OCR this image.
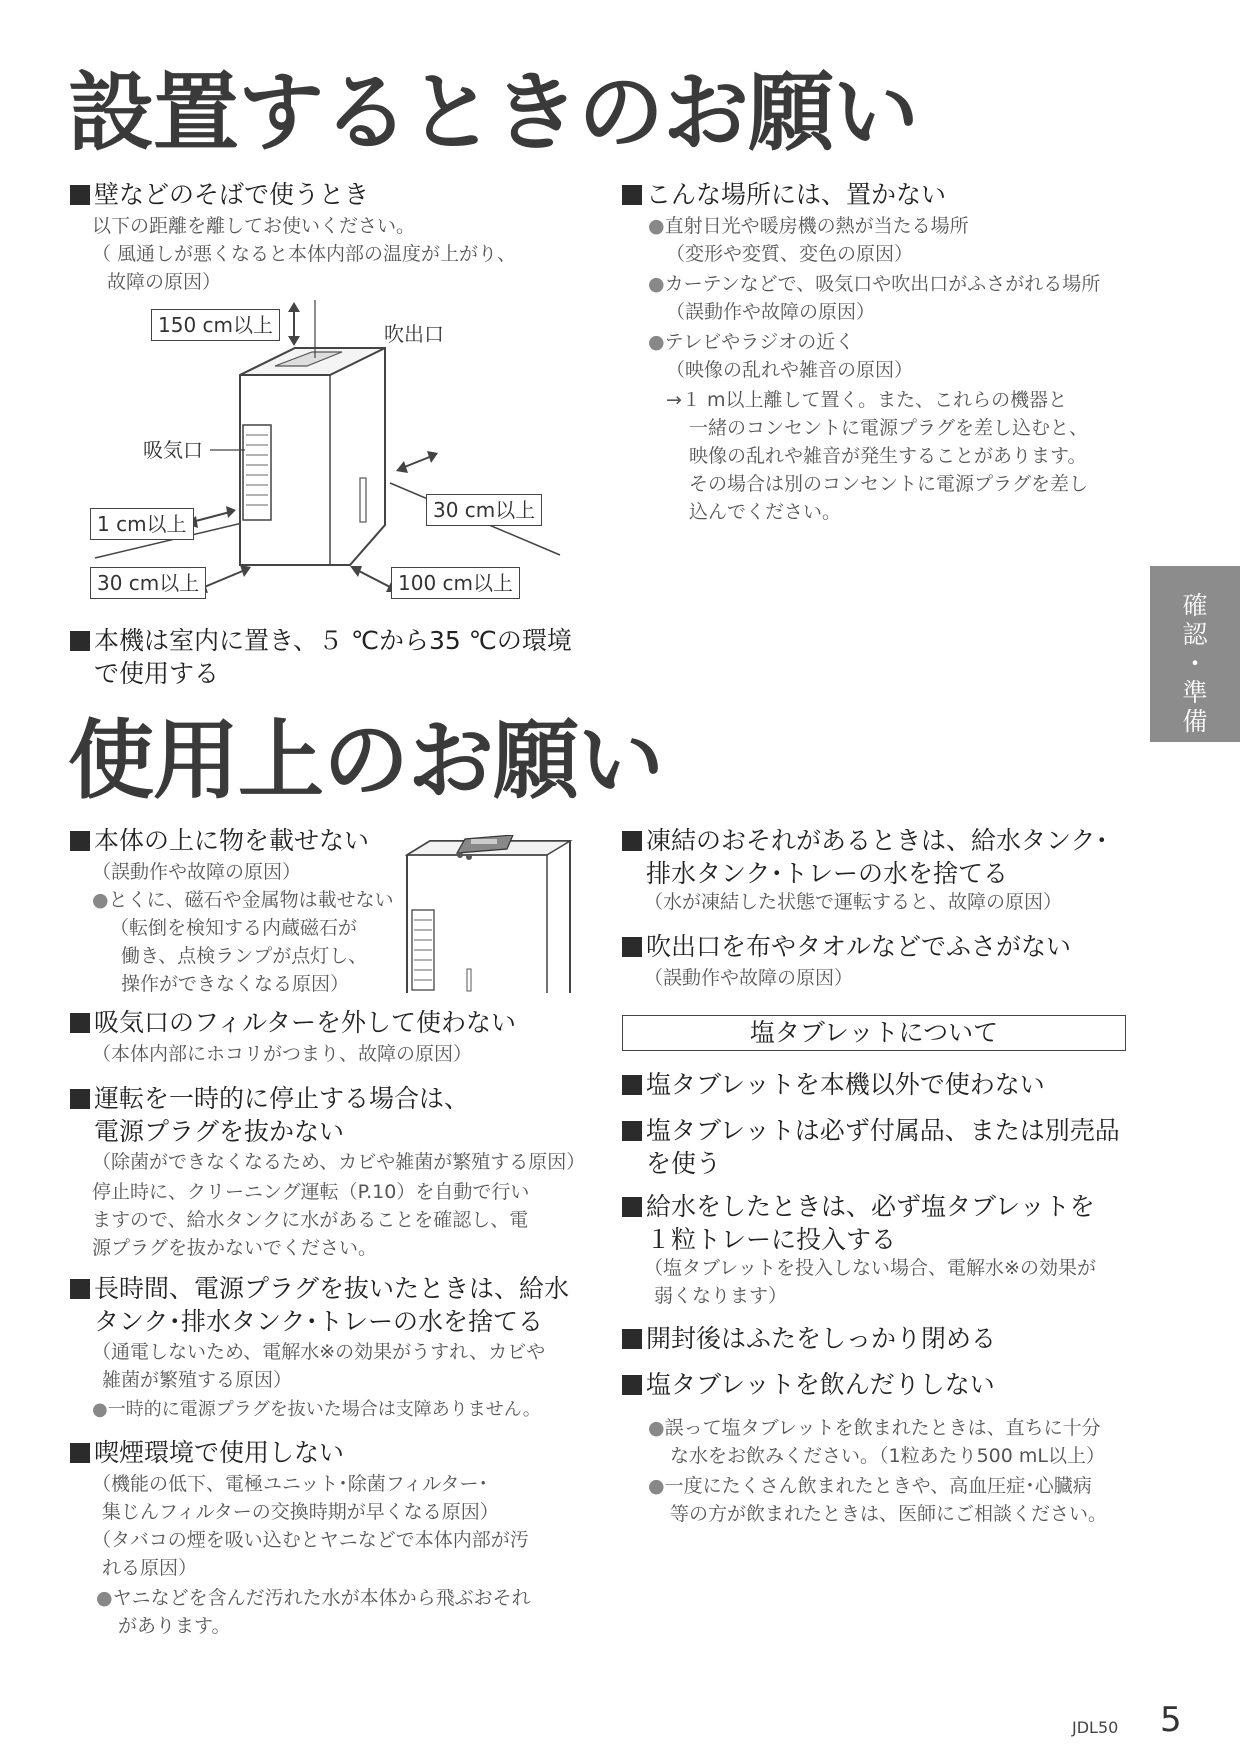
設置するときのお願い
壁などのそばで使うとき
以下の距離を離してお使いください。
（ 風通しが悪くなると本体内部の温度が上がり、
故障の原因）
150 cm以上	吹出口
吸気口
1 cm以上
30 cm以上
30 cm以上	100 cm以上
本機は室内に置き、５ ℃から35 ℃の環境
で使用する
こんな場所には、置かない
●直射日光や暖房機の熱が当たる場所
（変形や変質、変色の原因）
●カーテンなどで、吸気口や吹出口がふさがれる場所
（誤動作や故障の原因）
●テレビやラジオの近く
（映像の乱れや雑音の原因）
→１ m以上離して置く。また、これらの機器と
一緒のコンセントに電源プラグを差し込むと、
映像の乱れや雑音が発生することがあります。
その場合は別のコンセントに電源プラグを差し
込んでください。
確
認
・
準
備
使用上のお願い
本体の上に物を載せない
（誤動作や故障の原因）
●とくに、磁石や金属物は載せない
（転倒を検知する内蔵磁石が
働き、点検ランプが点灯し、
操作ができなくなる原因）
吸気口のフィルターを外して使わない
（本体内部にホコリがつまり、故障の原因）
運転を一時的に停止する場合は、
電源プラグを抜かない
（除菌ができなくなるため、カビや雑菌が繁殖する原因）
停止時に、クリーニング運転（P.10）を自動で行い
ますので、給水タンクに水があることを確認し、電
源プラグを抜かないでください。
長時間、電源プラグを抜いたときは、給水
タンク･排水タンク･トレーの水を捨てる
（通電しないため、電解水※の効果がうすれ、カビや
雑菌が繁殖する原因）
●一時的に電源プラグを抜いた場合は支障ありません。
喫煙環境で使用しない
（機能の低下、電極ユニット･除菌フィルター･
集じんフィルターの交換時期が早くなる原因）
（タバコの煙を吸い込むとヤニなどで本体内部が汚
れる原因）
●ヤニなどを含んだ汚れた水が本体から飛ぶおそれ
があります。
凍結のおそれがあるときは、給水タンク･
排水タンク･トレーの水を捨てる
（水が凍結した状態で運転すると、故障の原因）
吹出口を布やタオルなどでふさがない
（誤動作や故障の原因）
塩タブレットについて
塩タブレットを本機以外で使わない
塩タブレットは必ず付属品、または別売品
を使う
給水をしたときは、必ず塩タブレットを
１粒トレーに投入する
（塩タブレットを投入しない場合、電解水※の効果が
弱くなります）
開封後はふたをしっかり閉める
塩タブレットを飲んだりしない
●誤って塩タブレットを飲まれたときは、直ちに十分
な水をお飲みください。（1粒あたり500 mL以上）
●一度にたくさん飲まれたときや、高血圧症･心臓病
等の方が飲まれたときは、医師にご相談ください。
JDL50 5
